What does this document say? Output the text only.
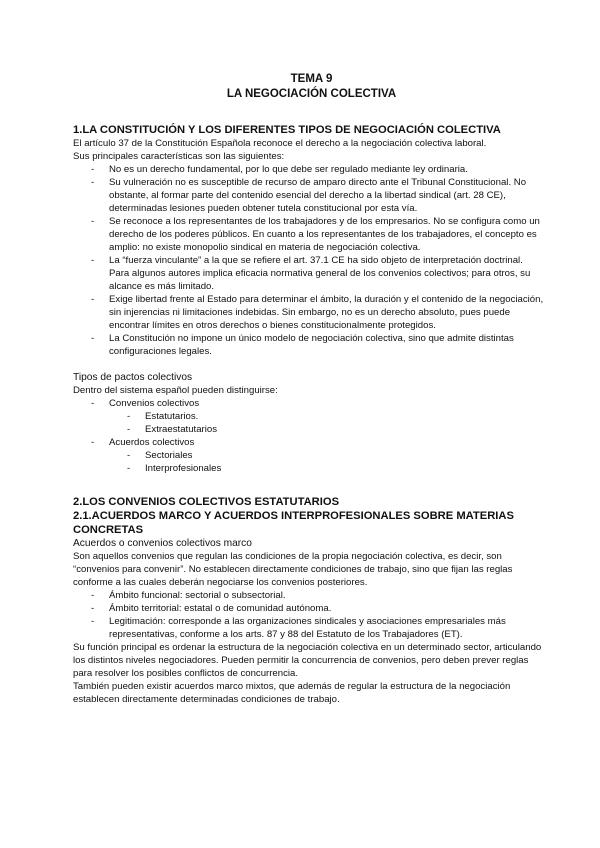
TEMA 9
LA NEGOCIACIÓN COLECTIVA
1.LA CONSTITUCIÓN Y LOS DIFERENTES TIPOS DE NEGOCIACIÓN COLECTIVA

El artículo 37 de la Constitución Española reconoce el derecho a la negociación colectiva laboral.

Sus principales características son las siguientes:

- No es un derecho fundamental, por lo que debe ser regulado mediante ley ordinaria.
- Su vulneración no es susceptible de recurso de amparo directo ante el Tribunal Constitucional. No obstante, al formar parte del contenido esencial del derecho a la libertad sindical (art. 28 CE), determinadas lesiones pueden obtener tutela constitucional por esta vía.
- Se reconoce a los representantes de los trabajadores y de los empresarios. No se configura como un derecho de los poderes públicos. En cuanto a los representantes de los trabajadores, el concepto es amplio: no existe monopolio sindical en materia de negociación colectiva.
- La “fuerza vinculante” a la que se refiere el art. 37.1 CE ha sido objeto de interpretación doctrinal. Para algunos autores implica eficacia normativa general de los convenios colectivos; para otros, su alcance es más limitado.
- Exige libertad frente al Estado para determinar el ámbito, la duración y el contenido de la negociación, sin injerencias ni limitaciones indebidas. Sin embargo, no es un derecho absoluto, pues puede encontrar límites en otros derechos o bienes constitucionalmente protegidos.
- La Constitución no impone un único modelo de negociación colectiva, sino que admite distintas configuraciones legales.

Tipos de pactos colectivos

Dentro del sistema español pueden distinguirse:

- Convenios colectivos
- Estatutarios.
- Extraestatutarios
- Acuerdos colectivos
- Sectoriales
- Interprofesionales
2.LOS CONVENIOS COLECTIVOS ESTATUTARIOS
2.1.ACUERDOS MARCO Y ACUERDOS INTERPROFESIONALES SOBRE MATERIAS CONCRETAS

Acuerdos o convenios colectivos marco

Son aquellos convenios que regulan las condiciones de la propia negociación colectiva, es decir, son “convenios para convenir”. No establecen directamente condiciones de trabajo, sino que fijan las reglas conforme a las cuales deberán negociarse los convenios posteriores.

- Ámbito funcional: sectorial o subsectorial.
- Ámbito territorial: estatal o de comunidad autónoma.
- Legitimación: corresponde a las organizaciones sindicales y asociaciones empresariales más representativas, conforme a los arts. 87 y 88 del Estatuto de los Trabajadores (ET).

Su función principal es ordenar la estructura de la negociación colectiva en un determinado sector, articulando los distintos niveles negociadores. Pueden permitir la concurrencia de convenios, pero deben prever reglas para resolver los posibles conflictos de concurrencia.

También pueden existir acuerdos marco mixtos, que además de regular la estructura de la negociación establecen directamente determinadas condiciones de trabajo.
